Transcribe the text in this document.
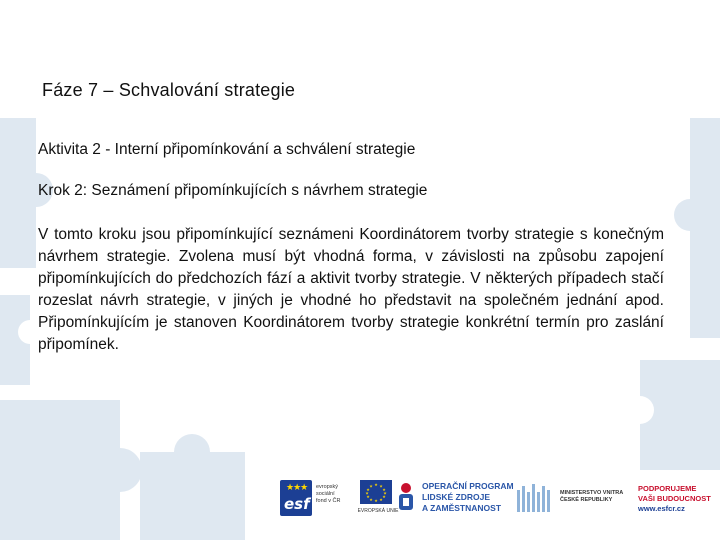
Fáze 7 – Schvalování strategie

Aktivita 2 - Interní připomínkování a schválení strategie

Krok 2: Seznámení připomínkujících s návrhem strategie

V tomto kroku jsou připomínkující seznámeni Koordinátorem tvorby strategie s konečným návrhem strategie. Zvolena musí být vhodná forma, v závislosti na způsobu zapojení připomínkujících do předchozích fází a aktivit tvorby strategie. V některých případech stačí rozeslat návrh strategie, v jiných je vhodné ho představit na společném jednání apod. Připomínkujícím je stanoven Koordinátorem tvorby strategie konkrétní termín pro zaslání připomínek.

★★★
esf
evropský
sociální
fond v ČR
★ ★
★
★
★
★
★
★
★
★
★
★
EVROPSKÁ UNIE
OPERAČNÍ PROGRAM
LIDSKÉ ZDROJE
A ZAMĚSTNANOST
MINISTERSTVO VNITRA
ČESKÉ REPUBLIKY
PODPORUJEME
VAŠI BUDOUCNOST
www.esfcr.cz
